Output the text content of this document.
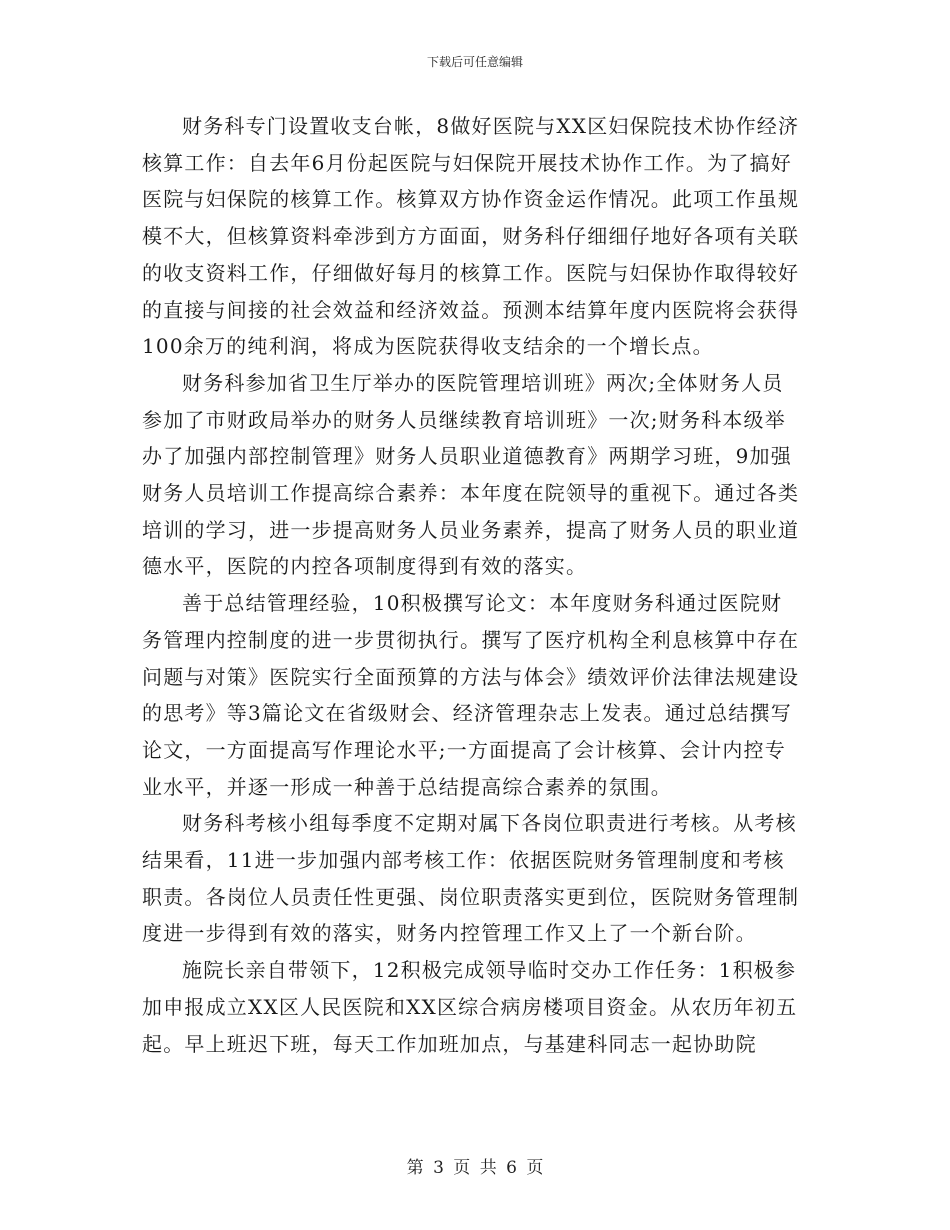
下载后可任意编辑

财务科专门设置收支台帐，8做好医院与XX区妇保院技术协作经济核算工作：自去年6月份起医院与妇保院开展技术协作工作。为了搞好医院与妇保院的核算工作。核算双方协作资金运作情况。此项工作虽规模不大，但核算资料牵涉到方方面面，财务科仔细细仔地好各项有关联的收支资料工作，仔细做好每月的核算工作。医院与妇保协作取得较好的直接与间接的社会效益和经济效益。预测本结算年度内医院将会获得100余万的纯利润，将成为医院获得收支结余的一个增长点。

财务科参加省卫生厅举办的医院管理培训班》两次;全体财务人员参加了市财政局举办的财务人员继续教育培训班》一次;财务科本级举办了加强内部控制管理》财务人员职业道德教育》两期学习班，9加强财务人员培训工作提高综合素养：本年度在院领导的重视下。通过各类培训的学习，进一步提高财务人员业务素养，提高了财务人员的职业道德水平，医院的内控各项制度得到有效的落实。

善于总结管理经验，10积极撰写论文：本年度财务科通过医院财务管理内控制度的进一步贯彻执行。撰写了医疗机构全利息核算中存在问题与对策》医院实行全面预算的方法与体会》绩效评价法律法规建设的思考》等3篇论文在省级财会、经济管理杂志上发表。通过总结撰写论文，一方面提高写作理论水平;一方面提高了会计核算、会计内控专业水平，并逐一形成一种善于总结提高综合素养的氛围。

财务科考核小组每季度不定期对属下各岗位职责进行考核。从考核结果看，11进一步加强内部考核工作：依据医院财务管理制度和考核职责。各岗位人员责任性更强、岗位职责落实更到位，医院财务管理制度进一步得到有效的落实，财务内控管理工作又上了一个新台阶。

施院长亲自带领下，12积极完成领导临时交办工作任务：1积极参加申报成立XX区人民医院和XX区综合病房楼项目资金。从农历年初五起。早上班迟下班，每天工作加班加点，与基建科同志一起协助院

第 3 页 共 6 页
